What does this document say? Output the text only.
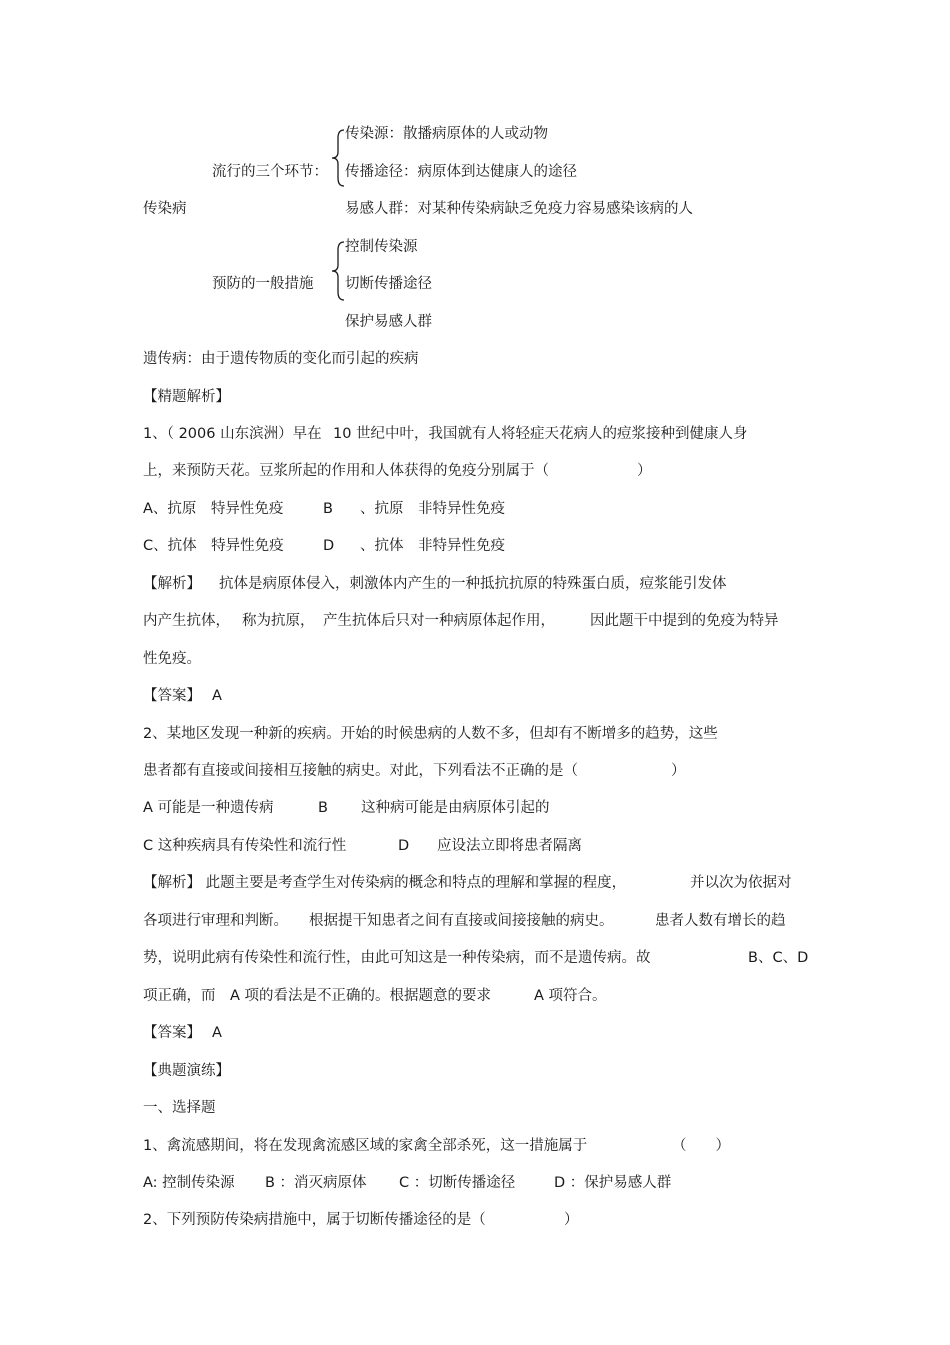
传染源：散播病原体的人或动物
流行的三个环节： 传播途径：病原体到达健康人的途径
传染病	易感人群：对某种传染病缺乏免疫力容易感染该病的人
控制传染源
预防的一般措施 切断传播途径
保护易感人群
遗传病：由于遗传物质的变化而引起的疾病
【精题解析】
1、（ 2006 山东滨洲）早在 10 世纪中叶，我国就有人将轻症天花病人的痘浆接种到健康人身
上，来预防天花。豆浆所起的作用和人体获得的免疫分别属于（	）
A、抗原　特异性免疫	B 、抗原　非特异性免疫
C、抗体　特异性免疫	D 、抗体　非特异性免疫
【解析】 抗体是病原体侵入，刺激体内产生的一种抵抗抗原的特殊蛋白质，痘浆能引发体
内产生抗体， 称为抗原， 产生抗体后只对一种病原体起作用， 因此题干中提到的免疫为特异
性免疫。
【答案】 A
2、某地区发现一种新的疾病。开始的时候患病的人数不多，但却有不断增多的趋势，这些
患者都有直接或间接相互接触的病史。对此，下列看法不正确的是（	）
A 可能是一种遗传病	B 这种病可能是由病原体引起的
C 这种疾病具有传染性和流行性	D 应设法立即将患者隔离
【解析】 此题主要是考查学生对传染病的概念和特点的理解和掌握的程度，	并以次为依据对
各项进行审理和判断。 根据提干知患者之间有直接或间接接触的病史。	患者人数有增长的趋
势，说明此病有传染性和流行性，由此可知这是一种传染病，而不是遗传病。故	B、C、D
项正确，而 A 项的看法是不正确的。根据题意的要求	A 项符合。
【答案】 A
【典题演练】
一、选择题
1、禽流感期间，将在发现禽流感区域的家禽全部杀死，这一措施属于	（　　）
A: 控制传染源 B ：消灭病原体 C ：切断传播途径	D ：保护易感人群
2、下列预防传染病措施中，属于切断传播途径的是（	）
